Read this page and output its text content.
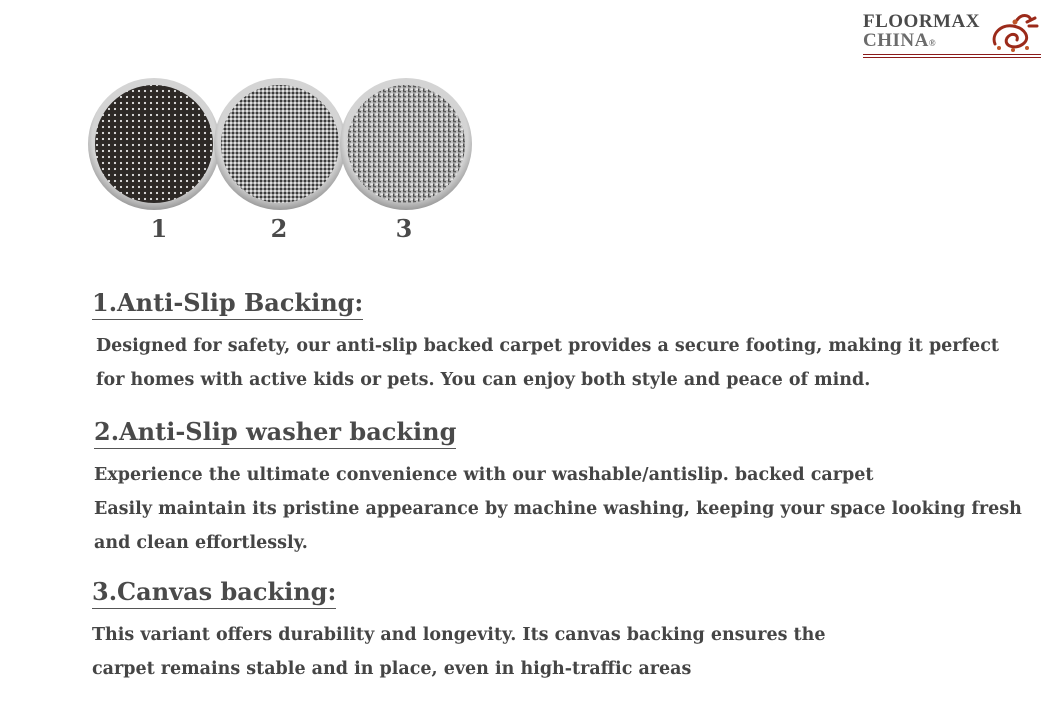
FLOORMAX
CHINA®
1	2	3
1.Anti-Slip Backing:
Designed for safety, our anti-slip backed carpet provides a secure footing, making it perfect
for homes with active kids or pets. You can enjoy both style and peace of mind.
2.Anti-Slip washer backing
Experience the ultimate convenience with our washable/antislip. backed carpet
Easily maintain its pristine appearance by machine washing, keeping your space looking fresh
and clean effortlessly.
3.Canvas backing:
This variant offers durability and longevity. Its canvas backing ensures the
carpet remains stable and in place, even in high-traffic areas
